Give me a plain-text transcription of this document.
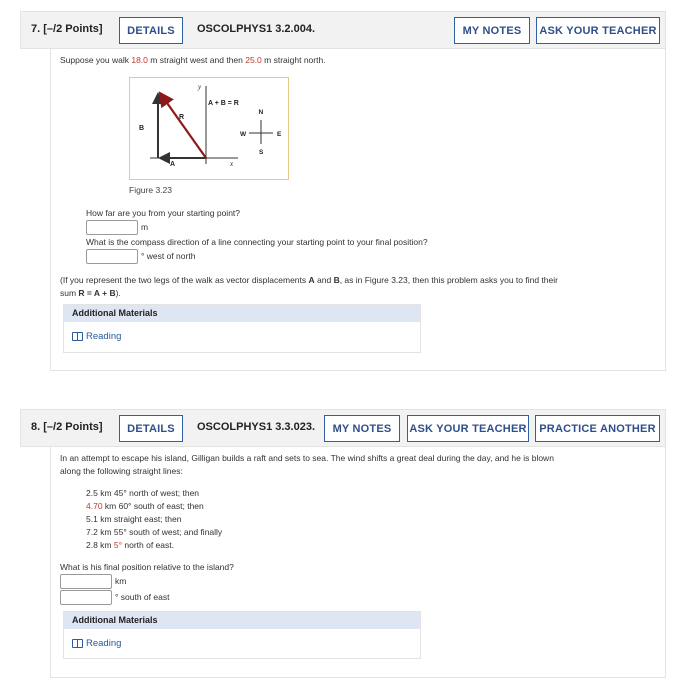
7. [–/2 Points]	DETAILS	OSCOLPHYS1 3.2.004.	MY NOTES	ASK YOUR TEACHER
Suppose you walk 18.0 m straight west and then 25.0 m straight north.
A + B = R
R
B
A
y
x
N
S
E
W
Figure 3.23
How far are you from your starting point?
m
What is the compass direction of a line connecting your starting point to your final position?
° west of north
(If you represent the two legs of the walk as vector displacements A and B, as in Figure 3.23, then this problem asks you to find their
sum R = A + B).
Additional Materials
Reading
8. [–/2 Points]	DETAILS	OSCOLPHYS1 3.3.023.	MY NOTES	ASK YOUR TEACHER	PRACTICE ANOTHER
In an attempt to escape his island, Gilligan builds a raft and sets to sea. The wind shifts a great deal during the day, and he is blown
along the following straight lines:
2.5 km 45° north of west; then
4.70 km 60° south of east; then
5.1 km straight east; then
7.2 km 55° south of west; and finally
2.8 km 5° north of east.
What is his final position relative to the island?
km
° south of east
Additional Materials
Reading
